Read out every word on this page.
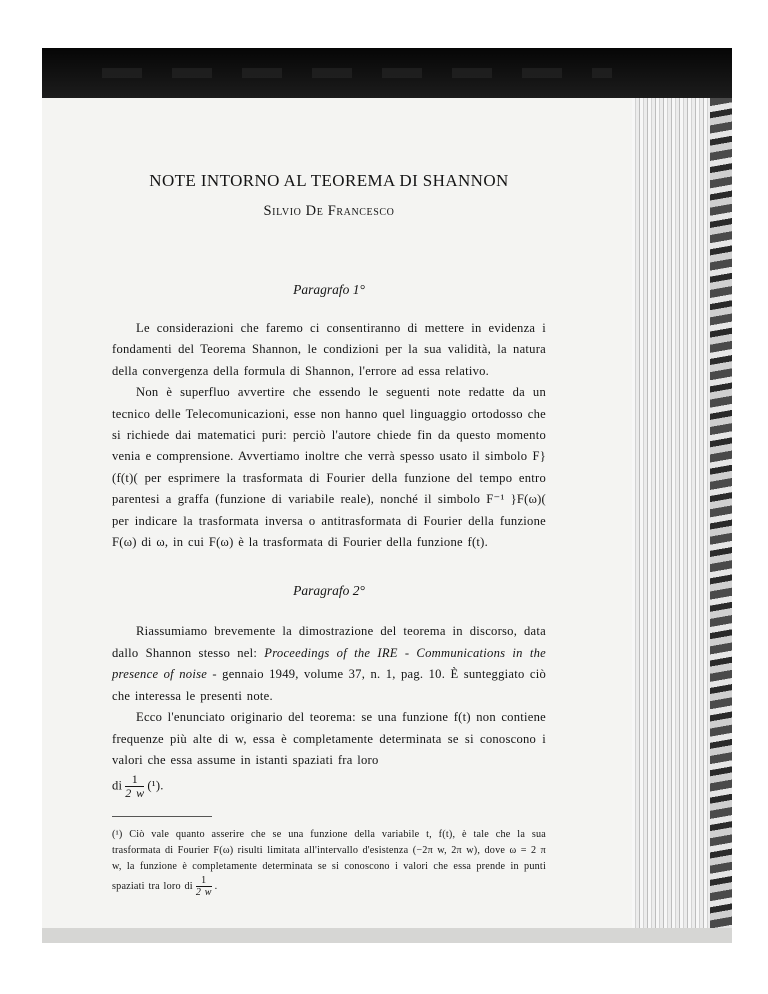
NOTE INTORNO AL TEOREMA DI SHANNON
Silvio De Francesco
Paragrafo 1°

Le considerazioni che faremo ci consentiranno di mettere in evidenza i fondamenti del Teorema Shannon, le condizioni per la sua validità, la natura della convergenza della formula di Shannon, l'errore ad essa relativo.

Non è superfluo avvertire che essendo le seguenti note redatte da un tecnico delle Telecomunicazioni, esse non hanno quel linguaggio ortodosso che si richiede dai matematici puri: perciò l'autore chiede fin da questo momento venia e comprensione. Avvertiamo inoltre che verrà spesso usato il simbolo F}(f(t)( per esprimere la trasformata di Fourier della funzione del tempo entro parentesi a graffa (funzione di variabile reale), nonché il simbolo F⁻¹ }F(ω)( per indicare la trasformata inversa o antitrasformata di Fourier della funzione F(ω) di ω, in cui F(ω) è la trasformata di Fourier della funzione f(t).

Paragrafo 2°

Riassumiamo brevemente la dimostrazione del teorema in discorso, data dallo Shannon stesso nel: Proceedings of the IRE - Communications in the presence of noise - gennaio 1949, volume 37, n. 1, pag. 10. È sunteggiato ciò che interessa le presenti note.

Ecco l'enunciato originario del teorema: se una funzione f(t) non contiene frequenze più alte di w, essa è completamente determinata se si conoscono i valori che essa assume in istanti spaziati fra loro

di $\frac{1}{2 w} (^1)$.

(¹) Ciò vale quanto asserire che se una funzione della variabile t, f(t), è tale che la sua trasformata di Fourier F(ω) risulti limitata all'intervallo d'esistenza (−2π w, 2π w), dove ω = 2 π w, la funzione è completamente determinata se si conoscono i valori che essa prende in punti spaziati tra loro di $\frac{1}{2 w}$ .
